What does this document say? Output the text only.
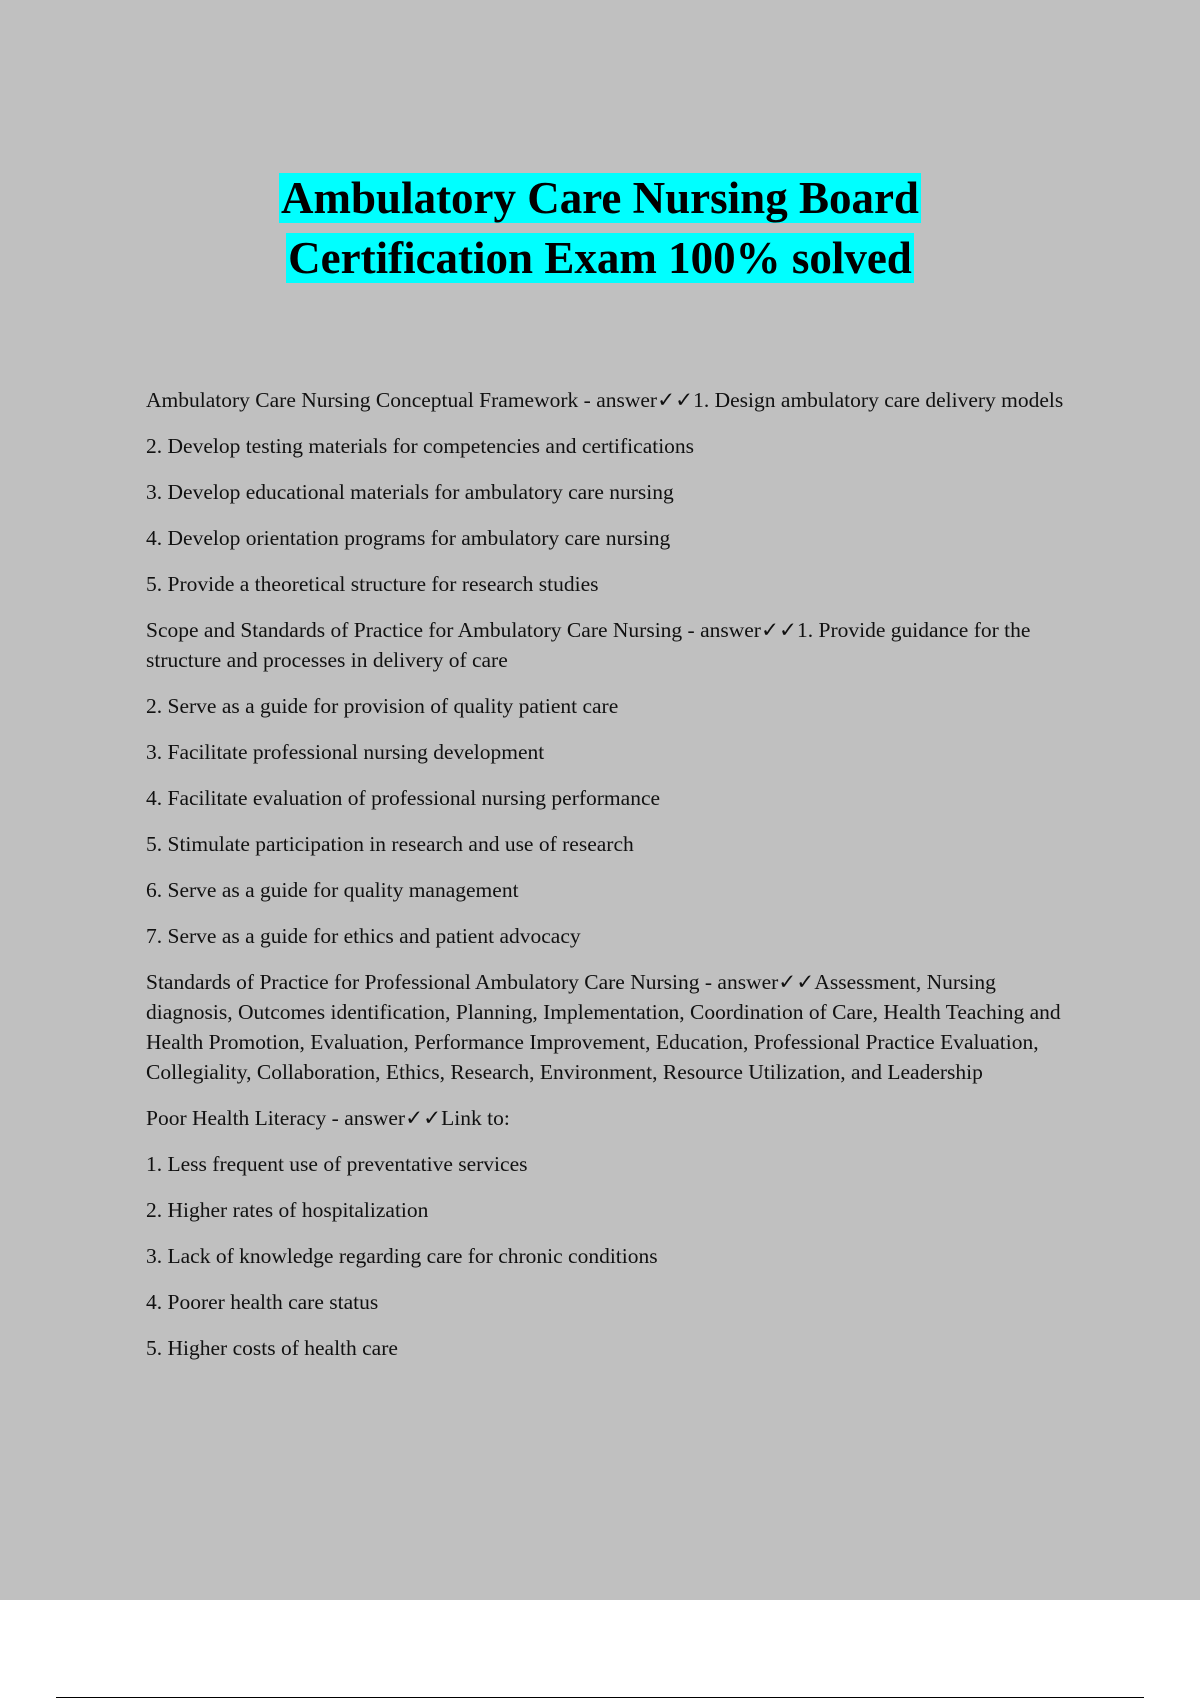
Ambulatory Care Nursing Board
Certification Exam 100% solved

Ambulatory Care Nursing Conceptual Framework - answer✓✓1. Design ambulatory care delivery models

2. Develop testing materials for competencies and certifications

3. Develop educational materials for ambulatory care nursing

4. Develop orientation programs for ambulatory care nursing

5. Provide a theoretical structure for research studies

Scope and Standards of Practice for Ambulatory Care Nursing - answer✓✓1. Provide guidance for the structure and processes in delivery of care

2. Serve as a guide for provision of quality patient care

3. Facilitate professional nursing development

4. Facilitate evaluation of professional nursing performance

5. Stimulate participation in research and use of research

6. Serve as a guide for quality management

7. Serve as a guide for ethics and patient advocacy

Standards of Practice for Professional Ambulatory Care Nursing - answer✓✓Assessment, Nursing diagnosis, Outcomes identification, Planning, Implementation, Coordination of Care, Health Teaching and Health Promotion, Evaluation, Performance Improvement, Education, Professional Practice Evaluation, Collegiality, Collaboration, Ethics, Research, Environment, Resource Utilization, and Leadership

Poor Health Literacy - answer✓✓Link to:

1. Less frequent use of preventative services

2. Higher rates of hospitalization

3. Lack of knowledge regarding care for chronic conditions

4. Poorer health care status

5. Higher costs of health care
